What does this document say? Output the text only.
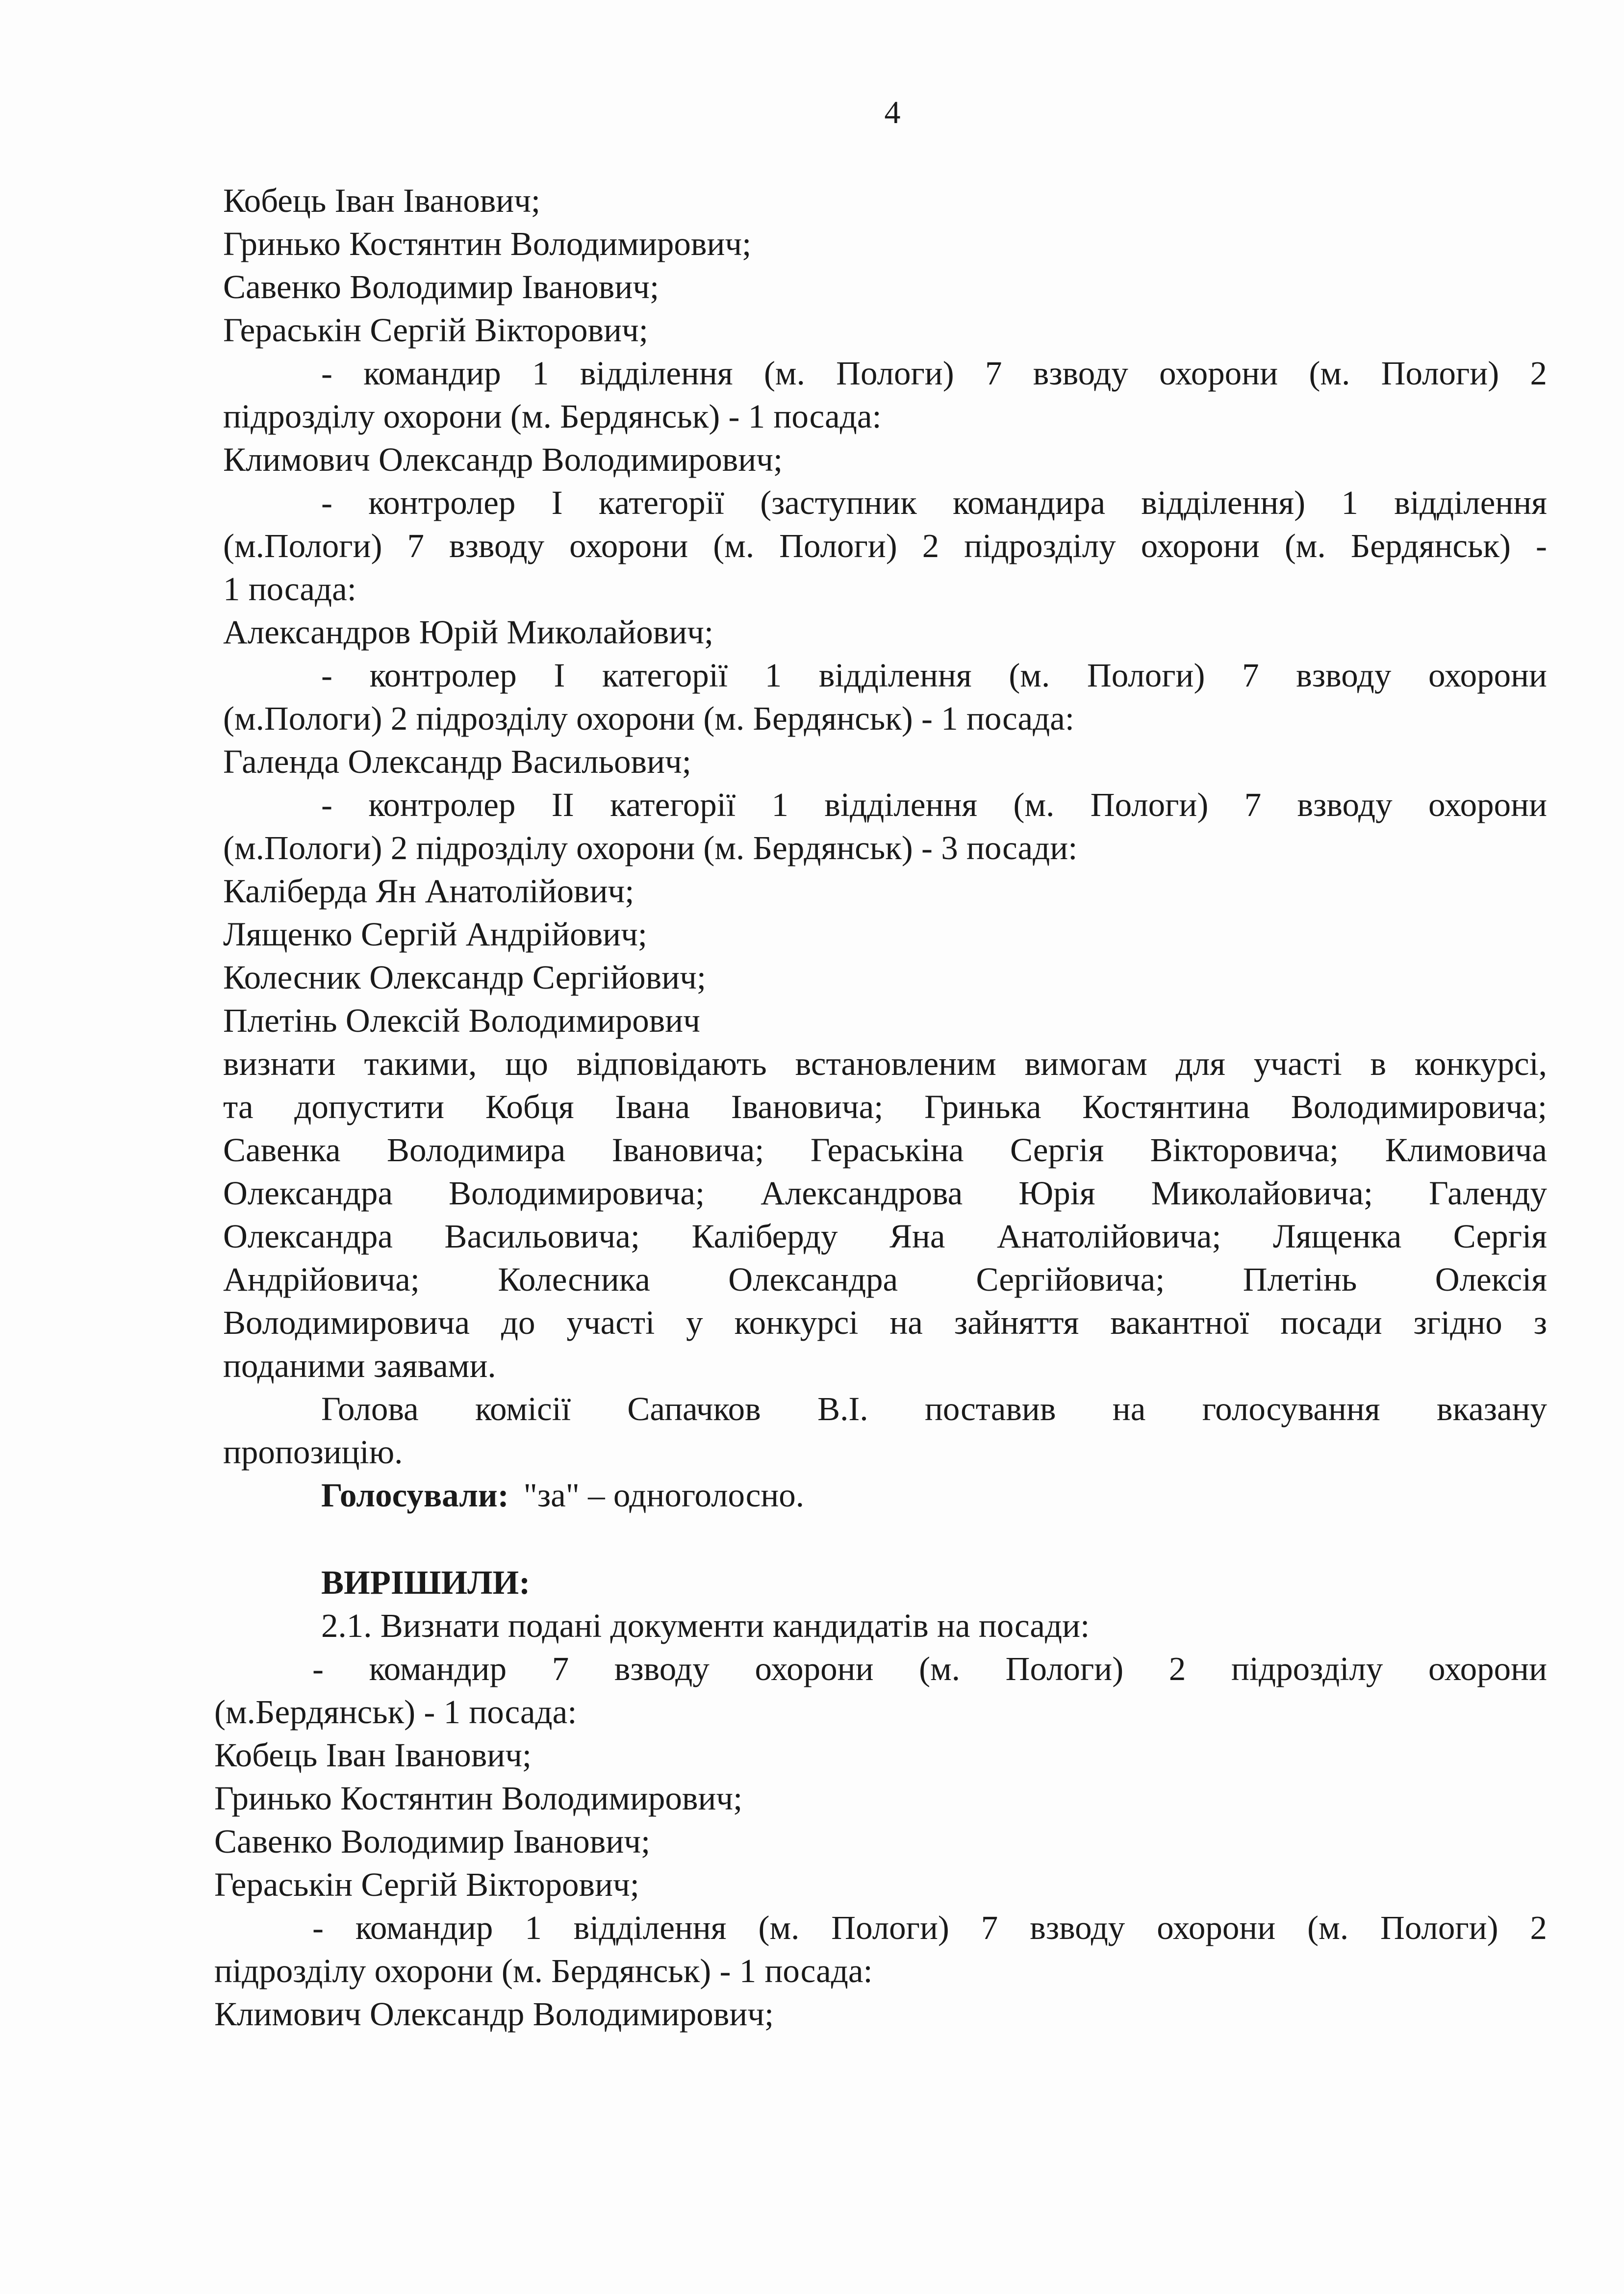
4
Кобець Іван Іванович;
Гринько Костянтин Володимирович;
Савенко Володимир Іванович;
Гераськін Сергій Вікторович;
- командир 1 відділення (м. Пологи) 7 взводу охорони (м. Пологи) 2
підрозділу охорони (м. Бердянськ) - 1 посада:
Климович Олександр Володимирович;
- контролер І категорії (заступник командира відділення) 1 відділення
(м.Пологи) 7 взводу охорони (м. Пологи) 2 підрозділу охорони (м. Бердянськ) -
1 посада:
Александров Юрій Миколайович;
- контролер І категорії 1 відділення (м. Пологи) 7 взводу охорони
(м.Пологи) 2 підрозділу охорони (м. Бердянськ) - 1 посада:
Галенда Олександр Васильович;
- контролер ІІ категорії 1 відділення (м. Пологи) 7 взводу охорони
(м.Пологи) 2 підрозділу охорони (м. Бердянськ) - 3 посади:
Каліберда Ян Анатолійович;
Лященко Сергій Андрійович;
Колесник Олександр Сергійович;
Плетінь Олексій Володимирович
визнати такими, що відповідають встановленим вимогам для участі в конкурсі,
та допустити Кобця Івана Івановича; Гринька Костянтина Володимировича;
Савенка Володимира Івановича; Гераськіна Сергія Вікторовича; Климовича
Олександра Володимировича; Александрова Юрія Миколайовича; Галенду
Олександра Васильовича; Каліберду Яна Анатолійовича; Лященка Сергія
Андрійовича; Колесника Олександра Сергійовича; Плетінь Олексія
Володимировича до участі у конкурсі на зайняття вакантної посади згідно з
поданими заявами.
Голова комісії Сапачков В.І. поставив на голосування вказану
пропозицію.
Голосували: "за" – одноголосно.
ВИРІШИЛИ:
2.1. Визнати подані документи кандидатів на посади:
- командир 7 взводу охорони (м. Пологи) 2 підрозділу охорони
(м.Бердянськ) - 1 посада:
Кобець Іван Іванович;
Гринько Костянтин Володимирович;
Савенко Володимир Іванович;
Гераськін Сергій Вікторович;
- командир 1 відділення (м. Пологи) 7 взводу охорони (м. Пологи) 2
підрозділу охорони (м. Бердянськ) - 1 посада:
Климович Олександр Володимирович;
